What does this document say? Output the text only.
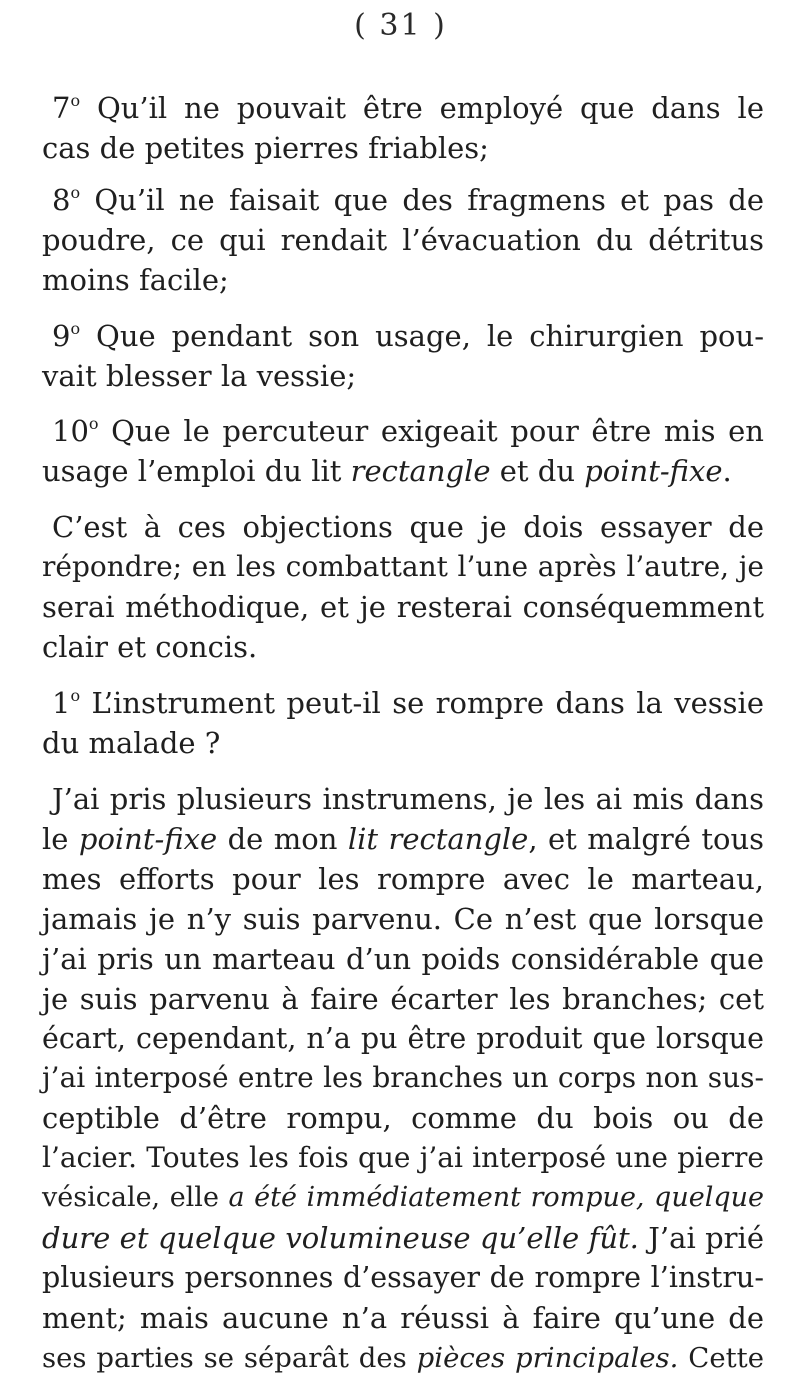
( 31 )
7$^o$ Qu’il ne pouvait être employé que dans le
cas de petites pierres friables;
8$^o$ Qu’il ne faisait que des fragmens et pas de
poudre, ce qui rendait l’évacuation du détritus
moins facile;
9$^o$ Que pendant son usage, le chirurgien pou-
vait blesser la vessie;
10$^o$ Que le percuteur exigeait pour être mis en
usage l’emploi du lit rectangle et du point-fixe.
C’est à ces objections que je dois essayer de
répondre; en les combattant l’une après l’autre, je
serai méthodique, et je resterai conséquemment
clair et concis.
1$^o$ L’instrument peut-il se rompre dans la vessie
du malade ?
J’ai pris plusieurs instrumens, je les ai mis dans
le point-fixe de mon lit rectangle, et malgré tous
mes efforts pour les rompre avec le marteau,
jamais je n’y suis parvenu. Ce n’est que lorsque
j’ai pris un marteau d’un poids considérable que
je suis parvenu à faire écarter les branches; cet
écart, cependant, n’a pu être produit que lorsque
j’ai interposé entre les branches un corps non sus-
ceptible d’être rompu, comme du bois ou de
l’acier. Toutes les fois que j’ai interposé une pierre
vésicale, elle a été immédiatement rompue, quelque
dure et quelque volumineuse qu’elle fût. J’ai prié
plusieurs personnes d’essayer de rompre l’instru-
ment; mais aucune n’a réussi à faire qu’une de
ses parties se séparât des pièces principales. Cette
